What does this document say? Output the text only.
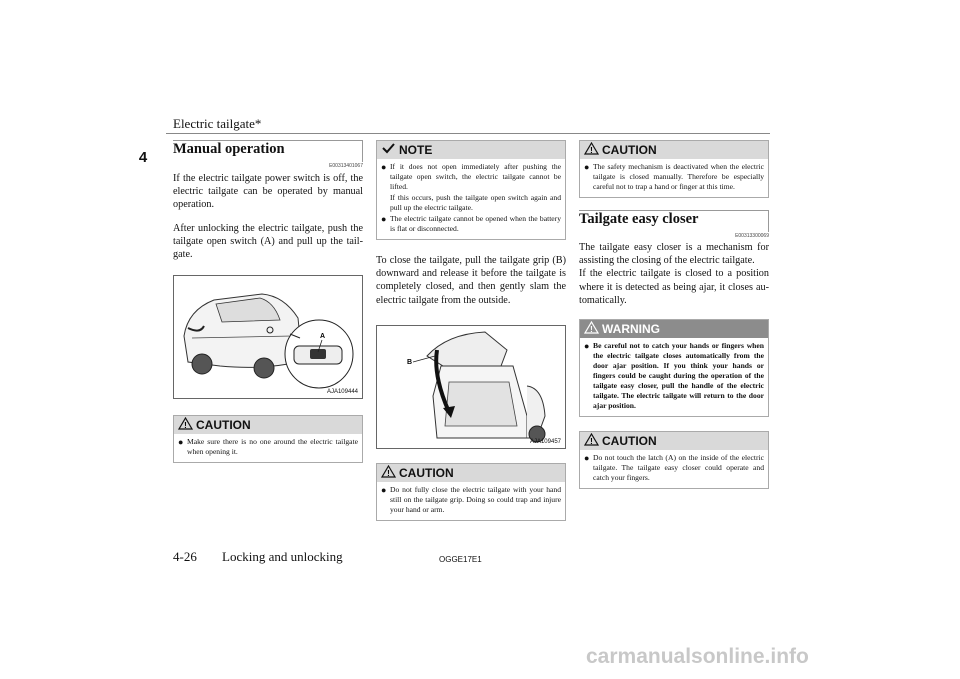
Electric tailgate*
4	Manual operation
E00313401067
If the electric tailgate power switch is off, the electric tailgate can be operated by manual operation.
After unlocking the electric tailgate, push the tailgate open switch (A) and pull up the tailgate.
A
AJA109444
! CAUTION
● Make sure there is no one around the electric tailgate when opening it.
NOTE
● If it does not open immediately after pushing the tailgate open switch, the electric tailgate cannot be lifted.
If this occurs, push the tailgate open switch again and pull up the electric tailgate.
● The electric tailgate cannot be opened when the battery is flat or disconnected.
To close the tailgate, pull the tailgate grip (B) downward and release it before the tailgate is completely closed, and then gently slam the electric tailgate from the outside.
B
AJA109457
! CAUTION
● Do not fully close the electric tailgate with your hand still on the tailgate grip. Doing so could trap and injure your hand or arm.
! CAUTION
● The safety mechanism is deactivated when the electric tailgate is closed manually. Therefore be especially careful not to trap a hand or finger at this time.
Tailgate easy closer
E00313300069
The tailgate easy closer is a mechanism for assisting the closing of the electric tailgate.
If the electric tailgate is closed to a position where it is detected as being ajar, it closes automatically.
! WARNING
● Be careful not to catch your hands or fingers when the electric tailgate closes automatically from the door ajar position. If you think your hands or fingers could be caught during the operation of the tailgate easy closer, pull the handle of the electric tailgate. The electric tailgate will return to the door ajar position.
! CAUTION
● Do not touch the latch (A) on the inside of the electric tailgate. The tailgate easy closer could operate and catch your fingers.
4-26 Locking and unlocking	OGGE17E1
carmanualsonline.info
